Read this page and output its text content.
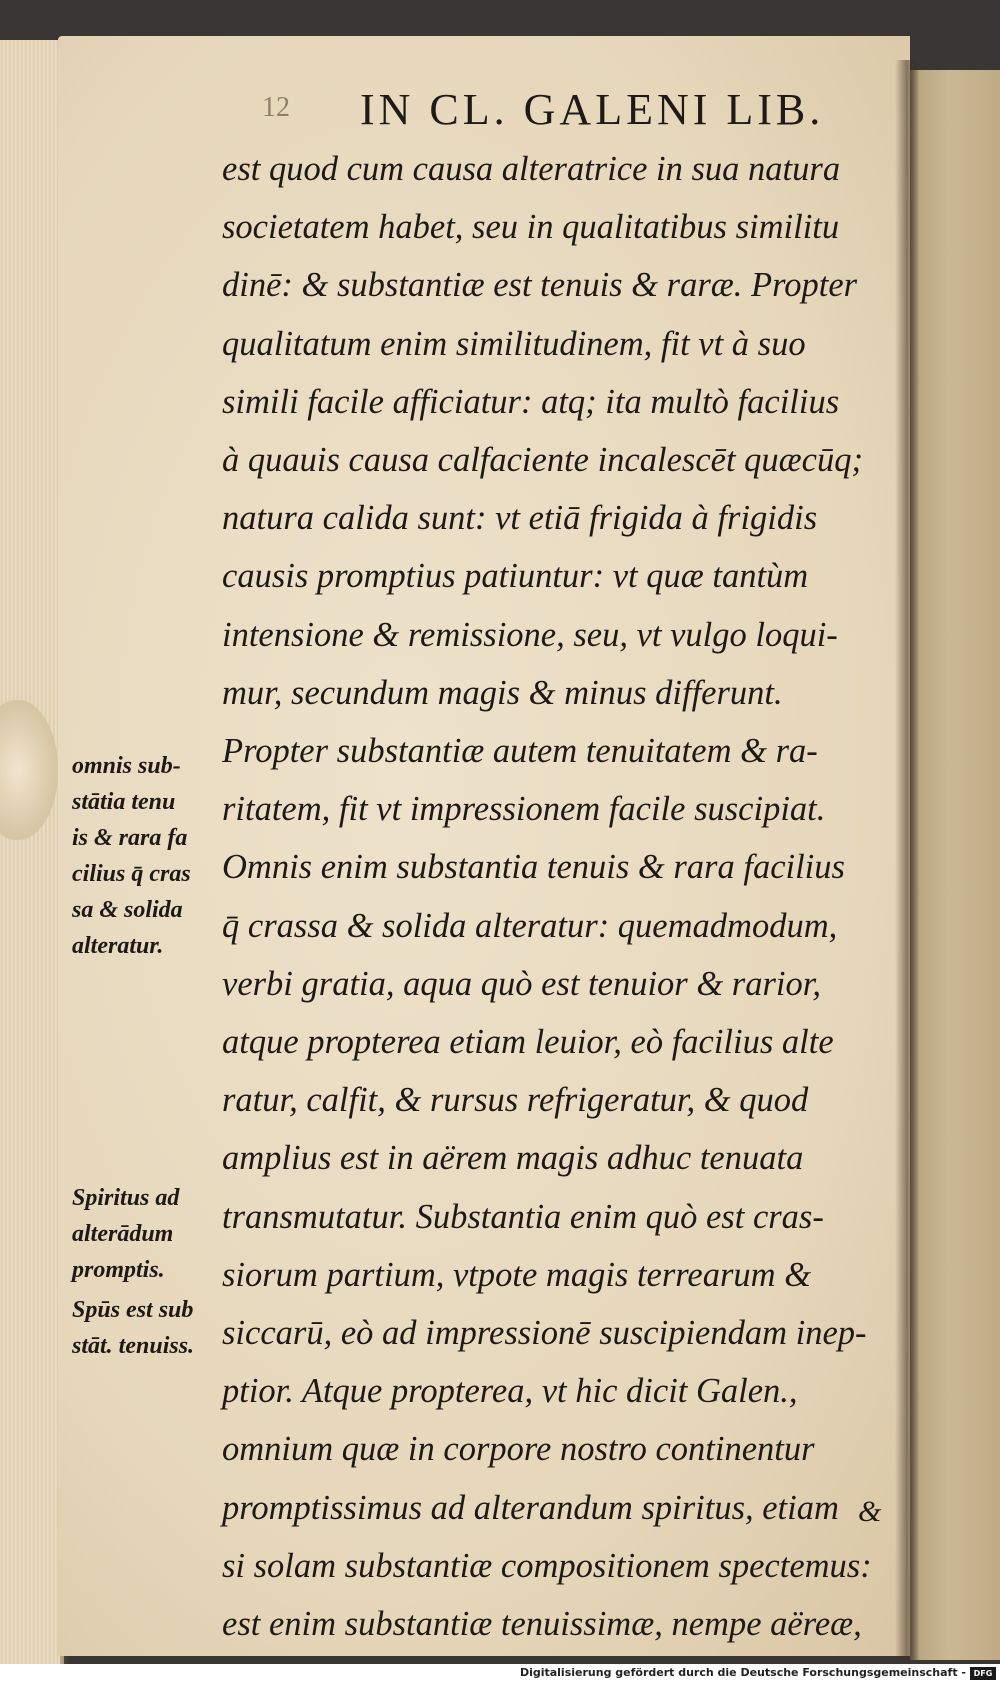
12 IN CL. GALENI LIB.
est quod cum causa alteratrice in sua natura
societatem habet, seu in qualitatibus similitu
dinē: & substantiæ est tenuis & raræ. Propter
qualitatum enim similitudinem, fit vt à suo
simili facile afficiatur: atq; ita multò facilius
à quauis causa calfaciente incalescēt quæcūq;
natura calida sunt: vt etiā frigida à frigidis
causis promptius patiuntur: vt quæ tantùm
intensione & remissione, seu, vt vulgo loqui-
mur, secundum magis & minus differunt.
Propter substantiæ autem tenuitatem & ra-
ritatem, fit vt impressionem facile suscipiat.
Omnis enim substantia tenuis & rara facilius
q̄ crassa & solida alteratur: quemadmodum,
verbi gratia, aqua quò est tenuior & rarior,
atque propterea etiam leuior, eò facilius alte
ratur, calfit, & rursus refrigeratur, & quod
amplius est in aërem magis adhuc tenuata
transmutatur. Substantia enim quò est cras-
siorum partium, vtpote magis terrearum &
siccarū, eò ad impressionē suscipiendam inep-
ptior. Atque propterea, vt hic dicit Galen.,
omnium quæ in corpore nostro continentur
promptissimus ad alterandum spiritus, etiam
si solam substantiæ compositionem spectemus:
est enim substantiæ tenuissimæ, nempe aëreæ,
omnis sub-
stātia tenu
is & rara fa
cilius q̄ cras
sa & solida
alteratur.
Spiritus ad
alterādum
promptis.
Spūs est sub
stāt. tenuiss.
&
Digitalisierung gefördert durch die Deutsche Forschungsgemeinschaft - DFG
